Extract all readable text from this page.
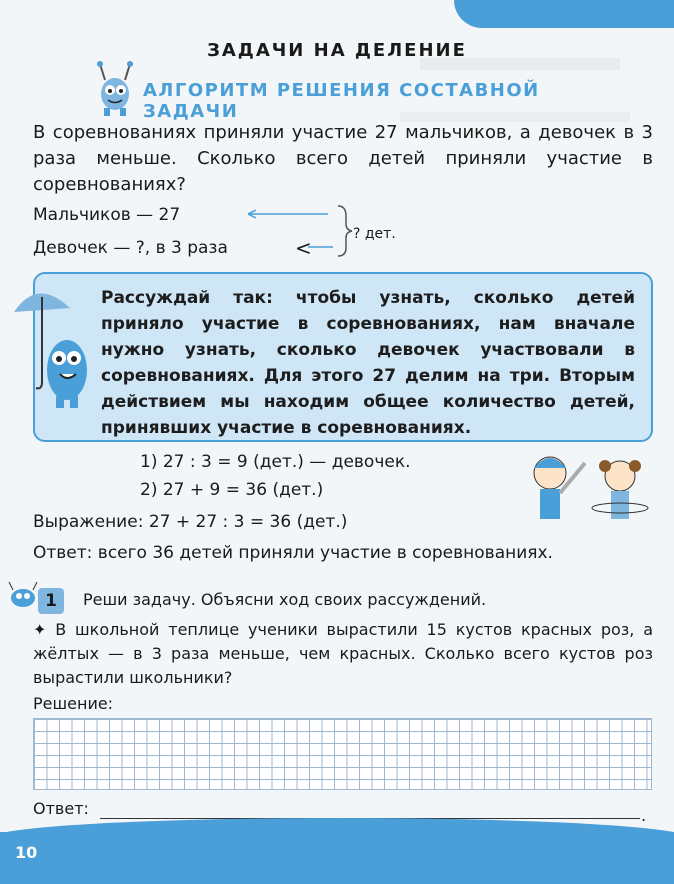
ЗАДАЧИ НА ДЕЛЕНИЕ
АЛГОРИТМ РЕШЕНИЯ СОСТАВНОЙ ЗАДАЧИ

В соревнованиях приняли участие 27 мальчиков, а девочек в 3 раза меньше. Сколько всего детей приняли участие в соревнованиях?

Мальчиков — 27
Девочек — ?, в 3 раза	<
? дет.

Рассуждай так: чтобы узнать, сколько детей приняло участие в соревнованиях, нам вначале нужно узнать, сколько девочек участвовали в соревнованиях. Для этого 27 делим на три. Вторым действием мы находим общее количество детей, принявших участие в соревнованиях.

1) 27 : 3 = 9 (дет.) — девочек.
2) 27 + 9 = 36 (дет.)
Выражение: 27 + 27 : 3 = 36 (дет.)
Ответ: всего 36 детей приняли участие в соревнованиях.
1	Реши задачу. Объясни ход своих рассуждений.

✦ В школьной теплице ученики вырастили 15 кустов красных роз, а жёлтых — в 3 раза меньше, чем красных. Сколько всего кустов роз вырастили школьники?

Решение:
Ответ:	.
10
